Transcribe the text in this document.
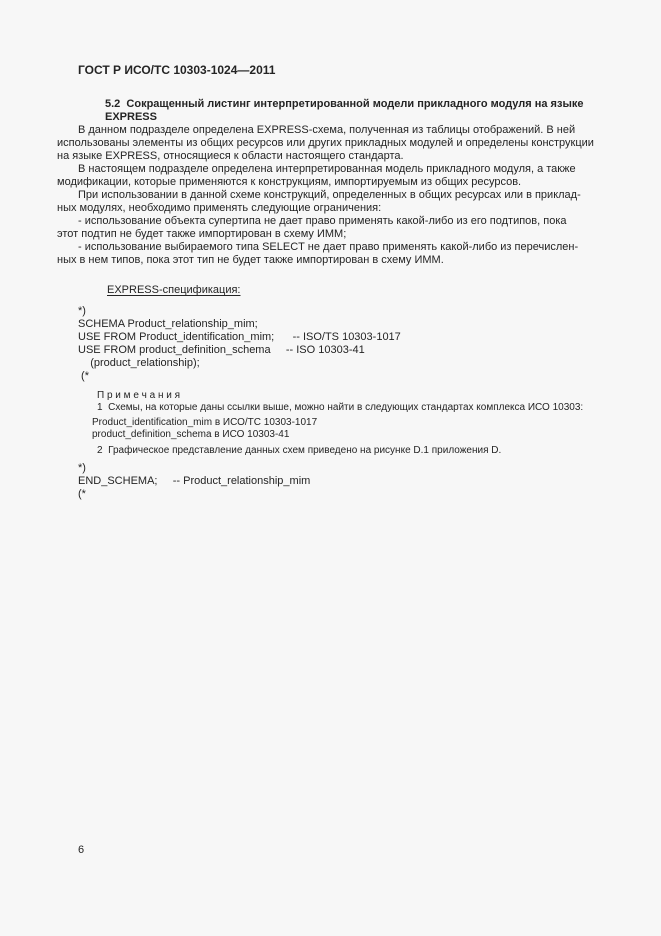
ГОСТ Р ИСО/ТС 10303-1024—2011
5.2  Сокращенный листинг интерпретированной модели прикладного модуля на языке
EXPRESS
В данном подразделе определена EXPRESS-схема, полученная из таблицы отображений. В ней
использованы элементы из общих ресурсов или других прикладных модулей и определены конструкции
на языке EXPRESS, относящиеся к области настоящего стандарта.
В настоящем подразделе определена интерпретированная модель прикладного модуля, а также
модификации, которые применяются к конструкциям, импортируемым из общих ресурсов.
При использовании в данной схеме конструкций, определенных в общих ресурсах или в приклад-
ных модулях, необходимо применять следующие ограничения:
- использование объекта супертипа не дает право применять какой-либо из его подтипов, пока
этот подтип не будет также импортирован в схему ИММ;
- использование выбираемого типа SELECT не дает право применять какой-либо из перечислен-
ных в нем типов, пока этот тип не будет также импортирован в схему ИММ.
EXPRESS-спецификация:
*)
SCHEMA Product_relationship_mim;
USE FROM Product_identification_mim;      -- ISO/TS 10303-1017
USE FROM product_definition_schema     -- ISO 10303-41
(product_relationship);
(*
П р и м е ч а н и я
1  Схемы, на которые даны ссылки выше, можно найти в следующих стандартах комплекса ИСО 10303:
Product_identification_mim в ИСО/ТС 10303-1017
product_definition_schema в ИСО 10303-41
2  Графическое представление данных схем приведено на рисунке D.1 приложения D.
*)
END_SCHEMA;     -- Product_relationship_mim
(*
6
